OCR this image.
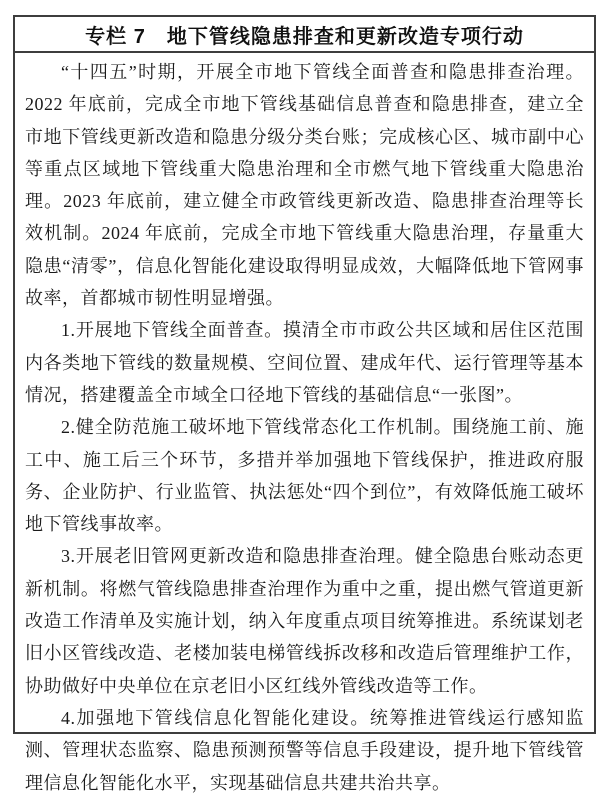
专栏 7　地下管线隐患排查和更新改造专项行动

“十四五”时期，开展全市地下管线全面普查和隐患排查治理。2022 年底前，完成全市地下管线基础信息普查和隐患排查，建立全市地下管线更新改造和隐患分级分类台账；完成核心区、城市副中心等重点区域地下管线重大隐患治理和全市燃气地下管线重大隐患治理。2023 年底前，建立健全市政管线更新改造、隐患排查治理等长效机制。2024 年底前，完成全市地下管线重大隐患治理，存量重大隐患“清零”，信息化智能化建设取得明显成效，大幅降低地下管网事故率，首都城市韧性明显增强。

1.开展地下管线全面普查。摸清全市市政公共区域和居住区范围内各类地下管线的数量规模、空间位置、建成年代、运行管理等基本情况，搭建覆盖全市域全口径地下管线的基础信息“一张图”。

2.健全防范施工破坏地下管线常态化工作机制。围绕施工前、施工中、施工后三个环节，多措并举加强地下管线保护，推进政府服务、企业防护、行业监管、执法惩处“四个到位”，有效降低施工破坏地下管线事故率。

3.开展老旧管网更新改造和隐患排查治理。健全隐患台账动态更新机制。将燃气管线隐患排查治理作为重中之重，提出燃气管道更新改造工作清单及实施计划，纳入年度重点项目统筹推进。系统谋划老旧小区管线改造、老楼加装电梯管线拆改移和改造后管理维护工作，协助做好中央单位在京老旧小区红线外管线改造等工作。

4.加强地下管线信息化智能化建设。统筹推进管线运行感知监测、管理状态监察、隐患预测预警等信息手段建设，提升地下管线管理信息化智能化水平，实现基础信息共建共治共享。
